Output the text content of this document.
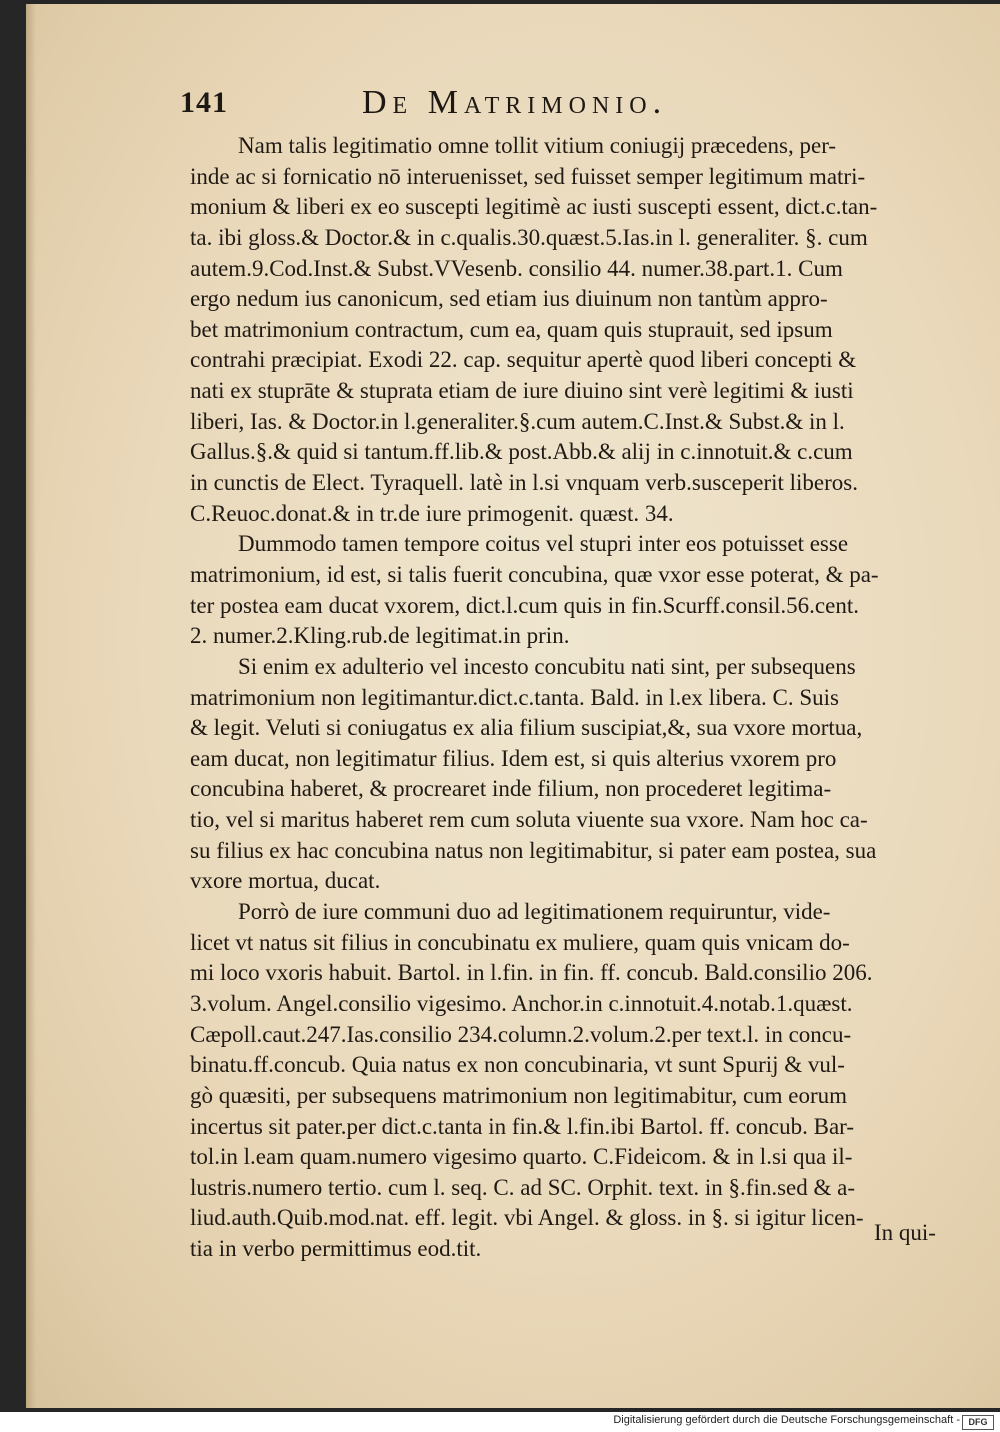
141	De Matrimonio.
Nam talis legitimatio omne tollit vitium coniugij præcedens, per-
inde ac si fornicatio nō interuenisset, sed fuisset semper legitimum matri-
monium & liberi ex eo suscepti legitimè ac iusti suscepti essent, dict.c.tan-
ta. ibi gloss.& Doctor.& in c.qualis.30.quæst.5.Ias.in l. generaliter. §. cum
autem.9.Cod.Inst.& Subst.VVesenb. consilio 44. numer.38.part.1. Cum
ergo nedum ius canonicum, sed etiam ius diuinum non tantùm appro-
bet matrimonium contractum, cum ea, quam quis stuprauit, sed ipsum
contrahi præcipiat. Exodi 22. cap. sequitur apertè quod liberi concepti &
nati ex stuprāte & stuprata etiam de iure diuino sint verè legitimi & iusti
liberi, Ias. & Doctor.in l.generaliter.§.cum autem.C.Inst.& Subst.& in l.
Gallus.§.& quid si tantum.ff.lib.& post.Abb.& alij in c.innotuit.& c.cum
in cunctis de Elect. Tyraquell. latè in l.si vnquam verb.susceperit liberos.
C.Reuoc.donat.& in tr.de iure primogenit. quæst. 34.
Dummodo tamen tempore coitus vel stupri inter eos potuisset esse
matrimonium, id est, si talis fuerit concubina, quæ vxor esse poterat, & pa-
ter postea eam ducat vxorem, dict.l.cum quis in fin.Scurff.consil.56.cent.
2. numer.2.Kling.rub.de legitimat.in prin.
Si enim ex adulterio vel incesto concubitu nati sint, per subsequens
matrimonium non legitimantur.dict.c.tanta. Bald. in l.ex libera. C. Suis
& legit. Veluti si coniugatus ex alia filium suscipiat,&, sua vxore mortua,
eam ducat, non legitimatur filius. Idem est, si quis alterius vxorem pro
concubina haberet, & procrearet inde filium, non procederet legitima-
tio, vel si maritus haberet rem cum soluta viuente sua vxore. Nam hoc ca-
su filius ex hac concubina natus non legitimabitur, si pater eam postea, sua
vxore mortua, ducat.
Porrò de iure communi duo ad legitimationem requiruntur, vide-
licet vt natus sit filius in concubinatu ex muliere, quam quis vnicam do-
mi loco vxoris habuit. Bartol. in l.fin. in fin. ff. concub. Bald.consilio 206.
3.volum. Angel.consilio vigesimo. Anchor.in c.innotuit.4.notab.1.quæst.
Cæpoll.caut.247.Ias.consilio 234.column.2.volum.2.per text.l. in concu-
binatu.ff.concub. Quia natus ex non concubinaria, vt sunt Spurij & vul-
gò quæsiti, per subsequens matrimonium non legitimabitur, cum eorum
incertus sit pater.per dict.c.tanta in fin.& l.fin.ibi Bartol. ff. concub. Bar-
tol.in l.eam quam.numero vigesimo quarto. C.Fideicom. & in l.si qua il-
lustris.numero tertio. cum l. seq. C. ad SC. Orphit. text. in §.fin.sed & a-
liud.auth.Quib.mod.nat. eff. legit. vbi Angel. & gloss. in §. si igitur licen-
tia in verbo permittimus eod.tit.
In qui-
Digitalisierung gefördert durch die Deutsche Forschungsgemeinschaft - DFG
